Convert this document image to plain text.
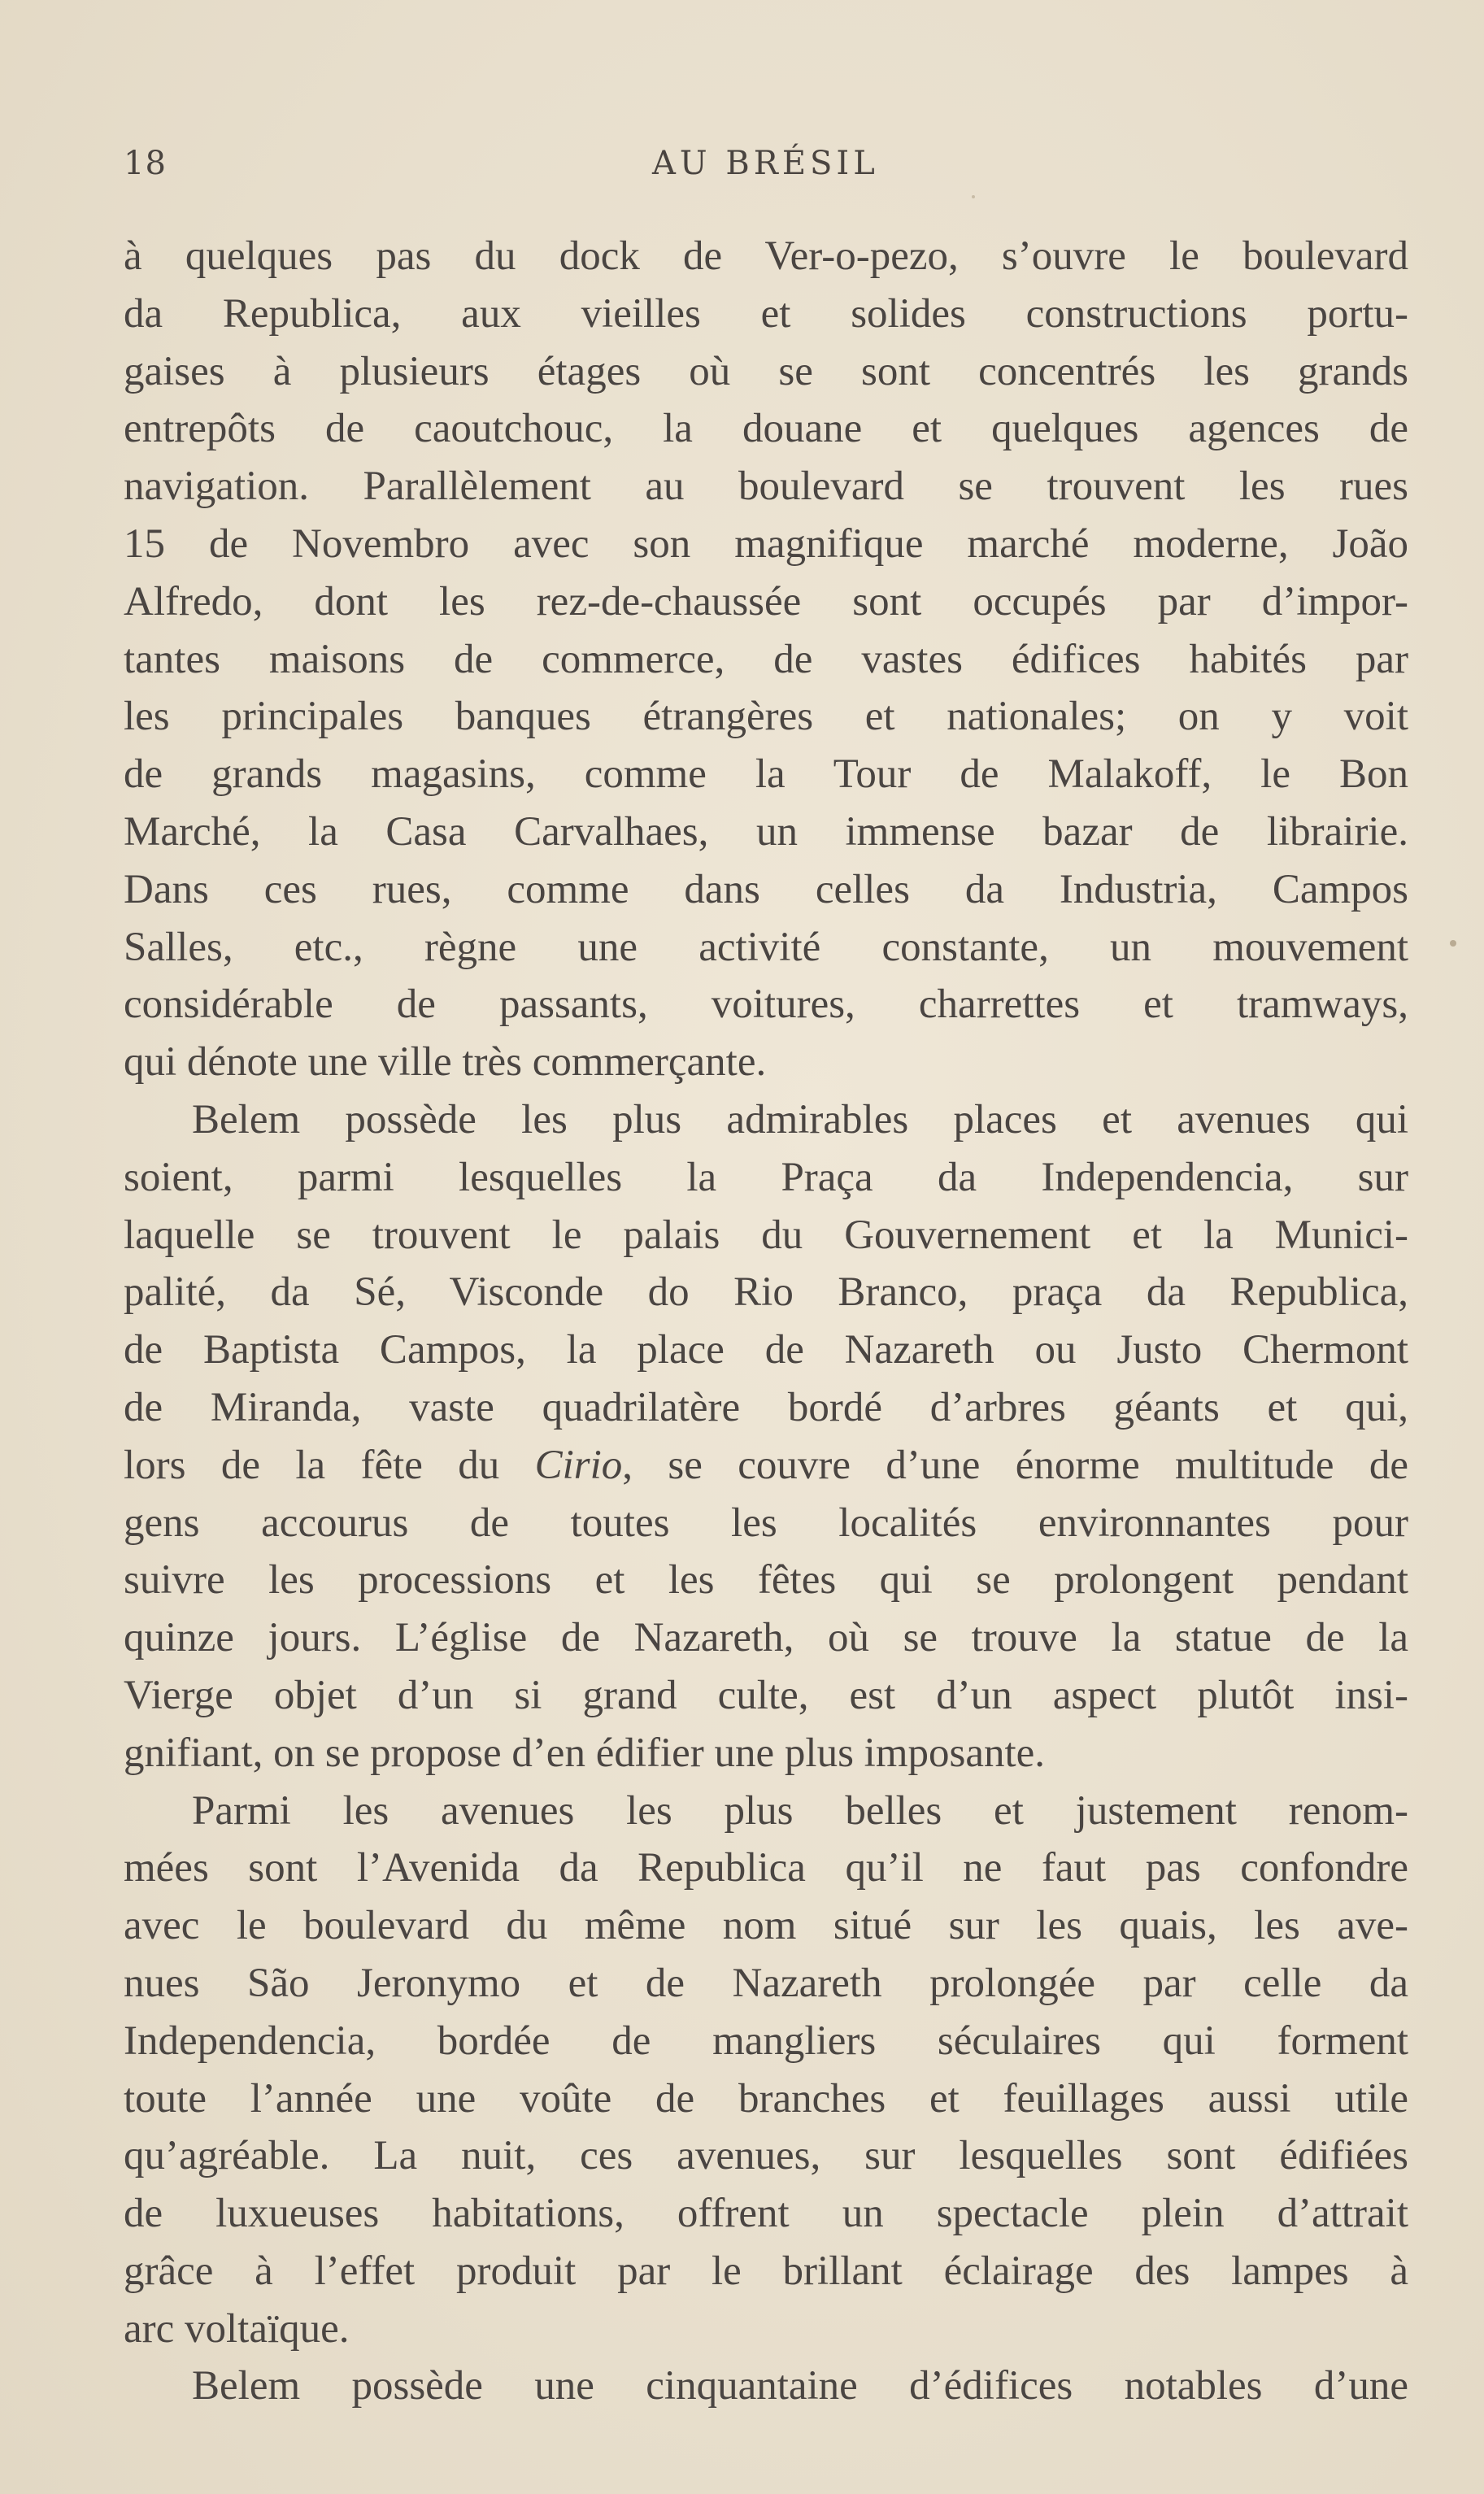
18	AU BRÉSIL
à quelques pas du dock de Ver-o-pezo, s’ouvre le boulevard
da Republica, aux vieilles et solides constructions portu-
gaises à plusieurs étages où se sont concentrés les grands
entrepôts de caoutchouc, la douane et quelques agences de
navigation. Parallèlement au boulevard se trouvent les rues
15 de Novembro avec son magnifique marché moderne, João
Alfredo, dont les rez-de-chaussée sont occupés par d’impor-
tantes maisons de commerce, de vastes édifices habités par
les principales banques étrangères et nationales; on y voit
de grands magasins, comme la Tour de Malakoff, le Bon
Marché, la Casa Carvalhaes, un immense bazar de librairie.
Dans ces rues, comme dans celles da Industria, Campos
Salles, etc., règne une activité constante, un mouvement
considérable de passants, voitures, charrettes et tramways,
qui dénote une ville très commerçante.
Belem possède les plus admirables places et avenues qui
soient, parmi lesquelles la Praça da Independencia, sur
laquelle se trouvent le palais du Gouvernement et la Munici-
palité, da Sé, Visconde do Rio Branco, praça da Republica,
de Baptista Campos, la place de Nazareth ou Justo Chermont
de Miranda, vaste quadrilatère bordé d’arbres géants et qui,
lors de la fête du Cirio, se couvre d’une énorme multitude de
gens accourus de toutes les localités environnantes pour
suivre les processions et les fêtes qui se prolongent pendant
quinze jours. L’église de Nazareth, où se trouve la statue de la
Vierge objet d’un si grand culte, est d’un aspect plutôt insi-
gnifiant, on se propose d’en édifier une plus imposante.
Parmi les avenues les plus belles et justement renom-
mées sont l’Avenida da Republica qu’il ne faut pas confondre
avec le boulevard du même nom situé sur les quais, les ave-
nues São Jeronymo et de Nazareth prolongée par celle da
Independencia, bordée de mangliers séculaires qui forment
toute l’année une voûte de branches et feuillages aussi utile
qu’agréable. La nuit, ces avenues, sur lesquelles sont édifiées
de luxueuses habitations, offrent un spectacle plein d’attrait
grâce à l’effet produit par le brillant éclairage des lampes à
arc voltaïque.
Belem possède une cinquantaine d’édifices notables d’une
